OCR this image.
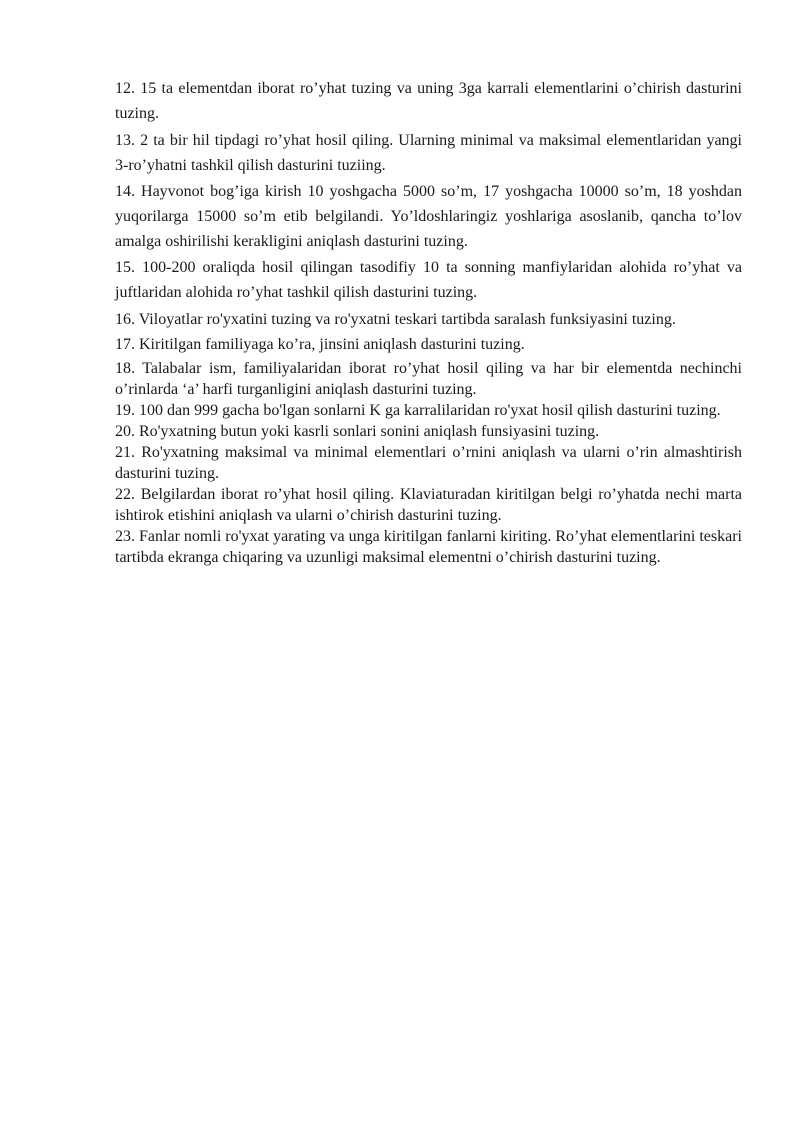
12. 15 ta elementdan iborat ro’yhat tuzing va uning 3ga karrali elementlarini o’chirish dasturini tuzing.

13. 2 ta bir hil tipdagi ro’yhat hosil qiling. Ularning minimal va maksimal elementlaridan yangi 3-ro’yhatni tashkil qilish dasturini tuziing.

14. Hayvonot bog’iga kirish 10 yoshgacha 5000 so’m, 17 yoshgacha 10000 so’m, 18 yoshdan yuqorilarga 15000 so’m etib belgilandi. Yo’ldoshlaringiz yoshlariga asoslanib, qancha to’lov amalga oshirilishi kerakligini aniqlash dasturini tuzing.

15. 100-200 oraliqda hosil qilingan tasodifiy 10 ta sonning manfiylaridan alohida ro’yhat va juftlaridan alohida ro’yhat tashkil qilish dasturini tuzing.

16. Viloyatlar ro'yxatini tuzing va ro'yxatni teskari tartibda saralash funksiyasini tuzing.

17. Kiritilgan familiyaga ko’ra, jinsini aniqlash dasturini tuzing.

18. Talabalar ism, familiyalaridan iborat ro’yhat hosil qiling va har bir elementda nechinchi o’rinlarda ‘a’ harfi turganligini aniqlash dasturini tuzing.

19. 100 dan 999 gacha bo'lgan sonlarni K ga karralilaridan ro'yxat hosil qilish dasturini tuzing.

20. Ro'yxatning butun yoki kasrli sonlari sonini aniqlash funsiyasini tuzing.

21. Ro'yxatning maksimal va minimal elementlari o’rnini aniqlash va ularni o’rin almashtirish dasturini tuzing.

22. Belgilardan iborat ro’yhat hosil qiling. Klaviaturadan kiritilgan belgi ro’yhatda nechi marta ishtirok etishini aniqlash va ularni o’chirish dasturini tuzing.

23. Fanlar nomli ro'yxat yarating va unga kiritilgan fanlarni kiriting. Ro’yhat elementlarini teskari tartibda ekranga chiqaring va uzunligi maksimal elementni o’chirish dasturini tuzing.
